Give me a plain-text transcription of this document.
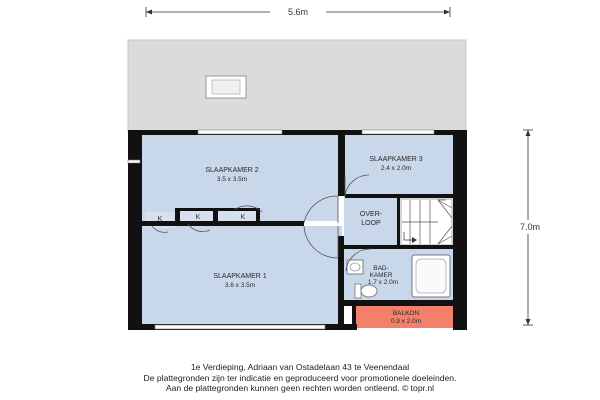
5.6m
7.0m
SLAAPKAMER 2
3.5 x 3.5m
SLAAPKAMER 3
2.4 x 2.0m
SLAAPKAMER 1
3.6 x 3.5m
OVER-
LOOP
BAD-
KAMER
1.7 x 2.0m
BALKON
0.9 x 2.0m
K	K	K
1e Verdieping, Adriaan van Ostadelaan 43 te Veenendaal
De plattegronden zijn ter indicatie en geproduceerd voor promotionele doeleinden.
Aan de plattegronden kunnen geen rechten worden ontleend. © topr.nl
